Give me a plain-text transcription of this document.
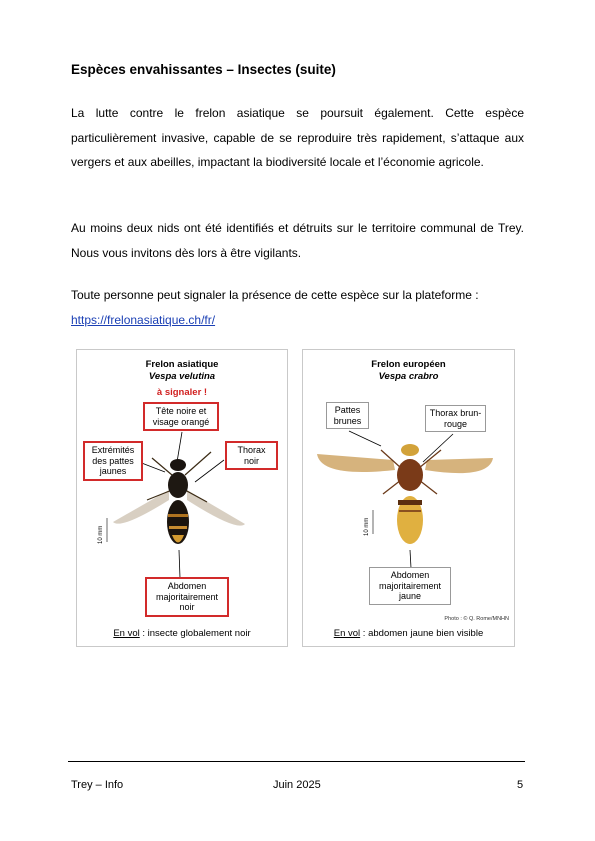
Espèces envahissantes – Insectes (suite)

La lutte contre le frelon asiatique se poursuit également. Cette espèce particulièrement invasive, capable de se reproduire très rapidement, s’attaque aux vergers et aux abeilles, impactant la biodiversité locale et l’économie agricole.

Au moins deux nids ont été identifiés et détruits sur le territoire communal de Trey. Nous vous invitons dès lors à être vigilants.

Toute personne peut signaler la présence de cette espèce sur la plateforme :
https://frelonasiatique.ch/fr/

Frelon asiatique

Vespa velutina

à signaler !

Tête noire et visage orangé
Extrémités des pattes jaunes
Thorax noir
Abdomen majoritairement noir
10 mm
En vol : insecte globalement noir

Frelon européen

Vespa crabro

Pattes brunes
Thorax brun-rouge
Abdomen majoritairement jaune
10 mm
Photo : © Q. Rome/MNHN
En vol : abdomen jaune bien visible
Trey – Info	Juin 2025	5
